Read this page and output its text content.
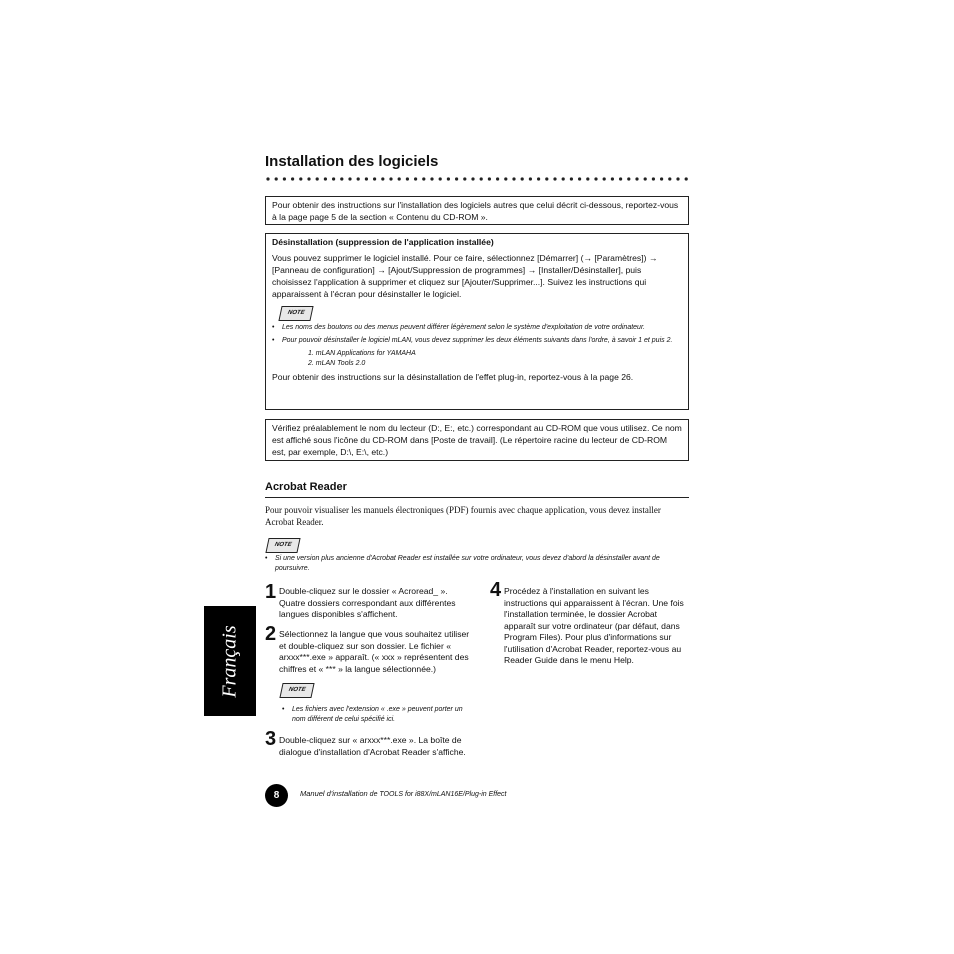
Installation des logiciels
Pour obtenir des instructions sur l'installation des logiciels autres que celui décrit ci-dessous, reportez-vous à la page page 5 de la section « Contenu du CD-ROM ».
Désinstallation (suppression de l'application installée)
Vous pouvez supprimer le logiciel installé. Pour ce faire, sélectionnez [Démarrer] (→ [Paramètres]) → [Panneau de configuration] → [Ajout/Suppression de programmes] → [Installer/Désinstaller], puis choisissez l'application à supprimer et cliquez sur [Ajouter/Supprimer...]. Suivez les instructions qui apparaissent à l'écran pour désinstaller le logiciel.
NOTE
• Les noms des boutons ou des menus peuvent différer légèrement selon le système d'exploitation de votre ordinateur.
• Pour pouvoir désinstaller le logiciel mLAN, vous devez supprimer les deux éléments suivants dans l'ordre, à savoir 1 et puis 2.
1. mLAN Applications for YAMAHA
2. mLAN Tools 2.0
Pour obtenir des instructions sur la désinstallation de l'effet plug-in, reportez-vous à la page 26.
Vérifiez préalablement le nom du lecteur (D:, E:, etc.) correspondant au CD-ROM que vous utilisez. Ce nom est affiché sous l'icône du CD-ROM dans [Poste de travail]. (Le répertoire racine du lecteur de CD-ROM est, par exemple, D:\, E:\, etc.)
Acrobat Reader
Pour pouvoir visualiser les manuels électroniques (PDF) fournis avec chaque application, vous devez installer Acrobat Reader.
NOTE
• Si une version plus ancienne d'Acrobat Reader est installée sur votre ordinateur, vous devez d'abord la désinstaller avant de poursuivre.
1 Double-cliquez sur le dossier « Acroread_ ». Quatre dossiers correspondant aux différentes langues disponibles s'affichent.
2 Sélectionnez la langue que vous souhaitez utiliser et double-cliquez sur son dossier. Le fichier « arxxx***.exe » apparaît. (« xxx » représentent des chiffres et « *** » la langue sélectionnée.)
NOTE
• Les fichiers avec l'extension « .exe » peuvent porter un nom différent de celui spécifié ici.
3 Double-cliquez sur « arxxx***.exe ». La boîte de dialogue d'installation d'Acrobat Reader s'affiche.
4 Procédez à l'installation en suivant les instructions qui apparaissent à l'écran. Une fois l'installation terminée, le dossier Acrobat apparaît sur votre ordinateur (par défaut, dans Program Files). Pour plus d'informations sur l'utilisation d'Acrobat Reader, reportez-vous au Reader Guide dans le menu Help.
Français
8	Manuel d'installation de TOOLS for i88X/mLAN16E/Plug-in Effect
